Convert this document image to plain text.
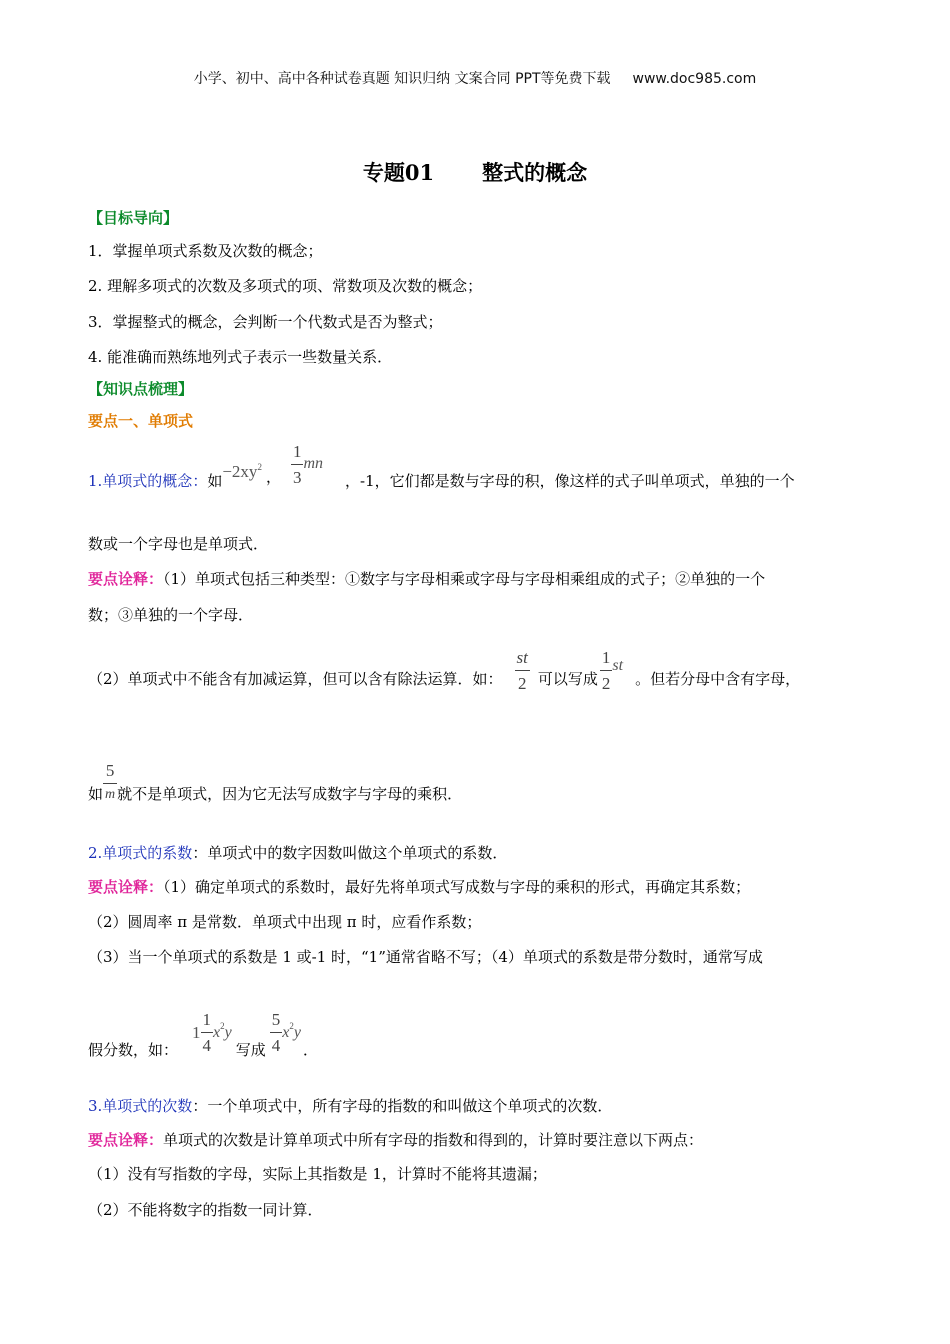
小学、初中、高中各种试卷真题 知识归纳 文案合同 PPT等免费下载 www.doc985.com
专题01 整式的概念
【目标导向】
1．掌握单项式系数及次数的概念；
2. 理解多项式的次数及多项式的项、常数项及次数的概念；
3．掌握整式的概念，会判断一个代数式是否为整式；
4. 能准确而熟练地列式子表示一些数量关系．
【知识点梳理】
要点一、单项式
1.单项式的概念 ： 如 $-2xy^2$
， $\frac{1}{3}$ mn
，-1，它们都是数与字母的积，像这样的式子叫单项式，单独的一个
数或一个字母也是单项式．
要点诠释：（1）单项式包括三种类型：①数字与字母相乘或字母与字母相乘组成的式子；②单独的一个
数；③单独的一个字母．
（2）单项式中不能含有加减运算，但可以含有除法运算．如： $\frac{st}{2}$ 可以写成 $\frac{1}{2}$ st
。但若分母中含有字母，
如 $\frac{5}{m}$ 就不是单项式，因为它无法写成数字与字母的乘积．
2.单项式的系数：单项式中的数字因数叫做这个单项式的系数．
要点诠释：（1）确定单项式的系数时，最好先将单项式写成数与字母的乘积的形式，再确定其系数；
（2）圆周率 π 是常数．单项式中出现 π 时，应看作系数；
（3）当一个单项式的系数是 1 或-1 时，“1”通常省略不写；（4）单项式的系数是带分数时，通常写成
假分数，如：
$1 \frac{1}{4}$ x 2 y
写成 $\frac{5}{4}$ x 2 y
．
3.单项式的次数：一个单项式中，所有字母的指数的和叫做这个单项式的次数．
要点诠释：单项式的次数是计算单项式中所有字母的指数和得到的，计算时要注意以下两点：
（1）没有写指数的字母，实际上其指数是 1，计算时不能将其遗漏；
（2）不能将数字的指数一同计算．
